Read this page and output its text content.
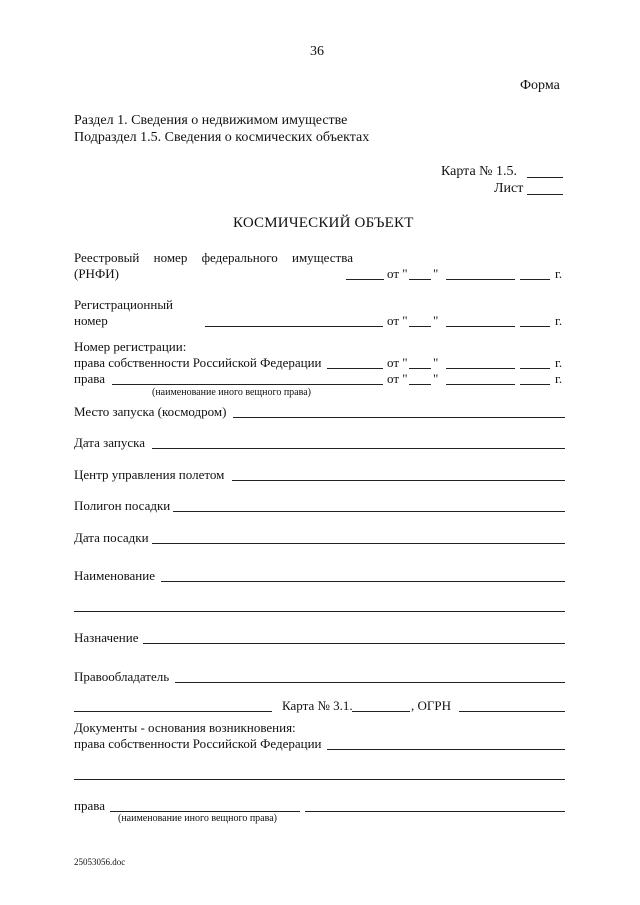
36
Форма
Раздел 1. Сведения о недвижимом имуществе
Подраздел 1.5. Сведения о космических объектах
Карта № 1.5.
Лист
КОСМИЧЕСКИЙ ОБЪЕКТ
Реестровый номер федерального имущества
(РНФИ)	от " "	г.
Регистрационный
номер	от " "	г.
Номер регистрации:
права собственности Российской Федерации	от " "	г.
права	от " "	г.
(наименование иного вещного права)
Место запуска (космодром)
Дата запуска
Центр управления полетом
Полигон посадки
Дата посадки
Наименование
Назначение
Правообладатель
Карта № 3.1.	, ОГРН
Документы - основания возникновения:
права собственности Российской Федерации
права
(наименование иного вещного права)
25053056.doc
